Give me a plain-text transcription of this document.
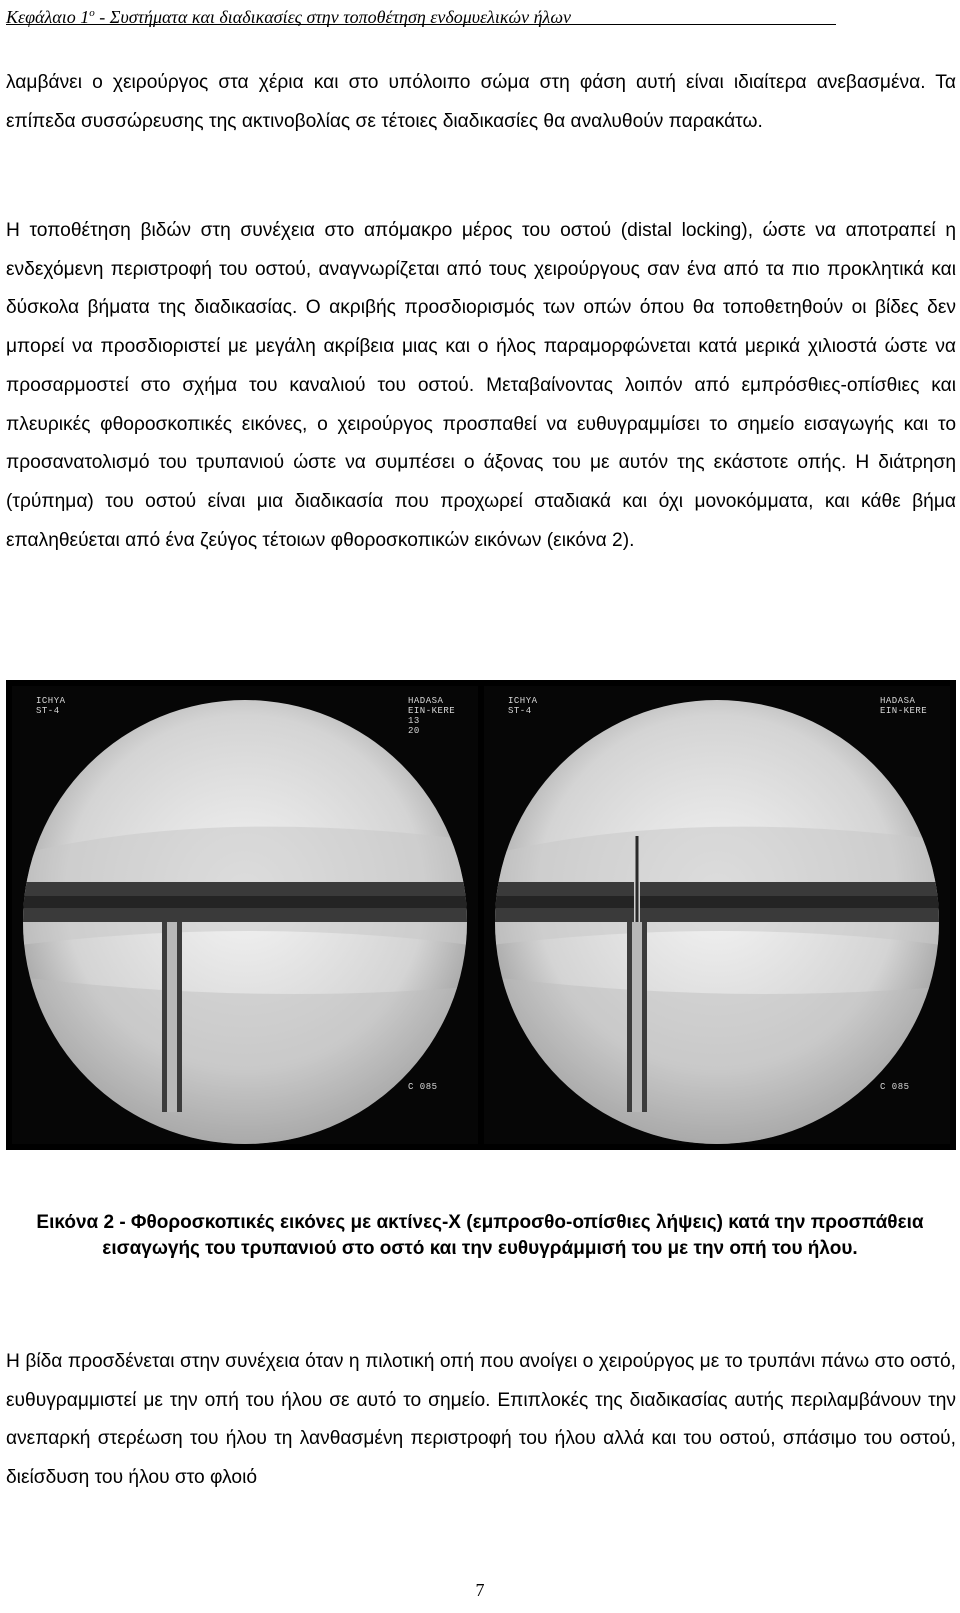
Κεφάλαιο $1^o$ - Συστήματα και διαδικασίες στην τοποθέτηση ενδομυελικών ήλων

λαμβάνει ο χειρούργος στα χέρια και στο υπόλοιπο σώμα στη φάση αυτή είναι ιδιαίτερα ανεβασμένα. Τα επίπεδα συσσώρευσης της ακτινοβολίας σε τέτοιες διαδικασίες θα αναλυθούν παρακάτω.

Η τοποθέτηση βιδών στη συνέχεια στο απόμακρο μέρος του οστού (distal locking), ώστε να αποτραπεί η ενδεχόμενη περιστροφή του οστού, αναγνωρίζεται από τους χειρούργους σαν ένα από τα πιο προκλητικά και δύσκολα βήματα της διαδικασίας. Ο ακριβής προσδιορισμός των οπών όπου θα τοποθετηθούν οι βίδες δεν μπορεί να προσδιοριστεί με μεγάλη ακρίβεια μιας και ο ήλος παραμορφώνεται κατά μερικά χιλιοστά ώστε να προσαρμοστεί στο σχήμα του καναλιού του οστού. Μεταβαίνοντας λοιπόν από εμπρόσθιες-οπίσθιες και πλευρικές φθοροσκοπικές εικόνες, ο χειρούργος προσπαθεί να ευθυγραμμίσει το σημείο εισαγωγής και το προσανατολισμό του τρυπανιού ώστε να συμπέσει ο άξονας του με αυτόν της εκάστοτε οπής. Η διάτρηση (τρύπημα) του οστού είναι μια διαδικασία που προχωρεί σταδιακά και όχι μονοκόμματα, και κάθε βήμα επαληθεύεται από ένα ζεύγος τέτοιων φθοροσκοπικών εικόνων (εικόνα 2).

ICHYA
ST-4
HADASA
EIN-KERE
13
20
C 085
ICHYA
ST-4
HADASA
EIN-KERE
C 085

Εικόνα 2 - Φθοροσκοπικές εικόνες με ακτίνες-Χ (εμπροσθο-οπίσθιες λήψεις) κατά την προσπάθεια εισαγωγής του τρυπανιού στο οστό και την ευθυγράμμισή του με την οπή του ήλου.

Η βίδα προσδένεται στην συνέχεια όταν η πιλοτική οπή που ανοίγει ο χειρούργος με το τρυπάνι πάνω στο οστό, ευθυγραμμιστεί με την οπή του ήλου σε αυτό το σημείο. Επιπλοκές της διαδικασίας αυτής περιλαμβάνουν την ανεπαρκή στερέωση του ήλου τη λανθασμένη περιστροφή του ήλου αλλά και του οστού, σπάσιμο του οστού, διείσδυση του ήλου στο φλοιό

7
